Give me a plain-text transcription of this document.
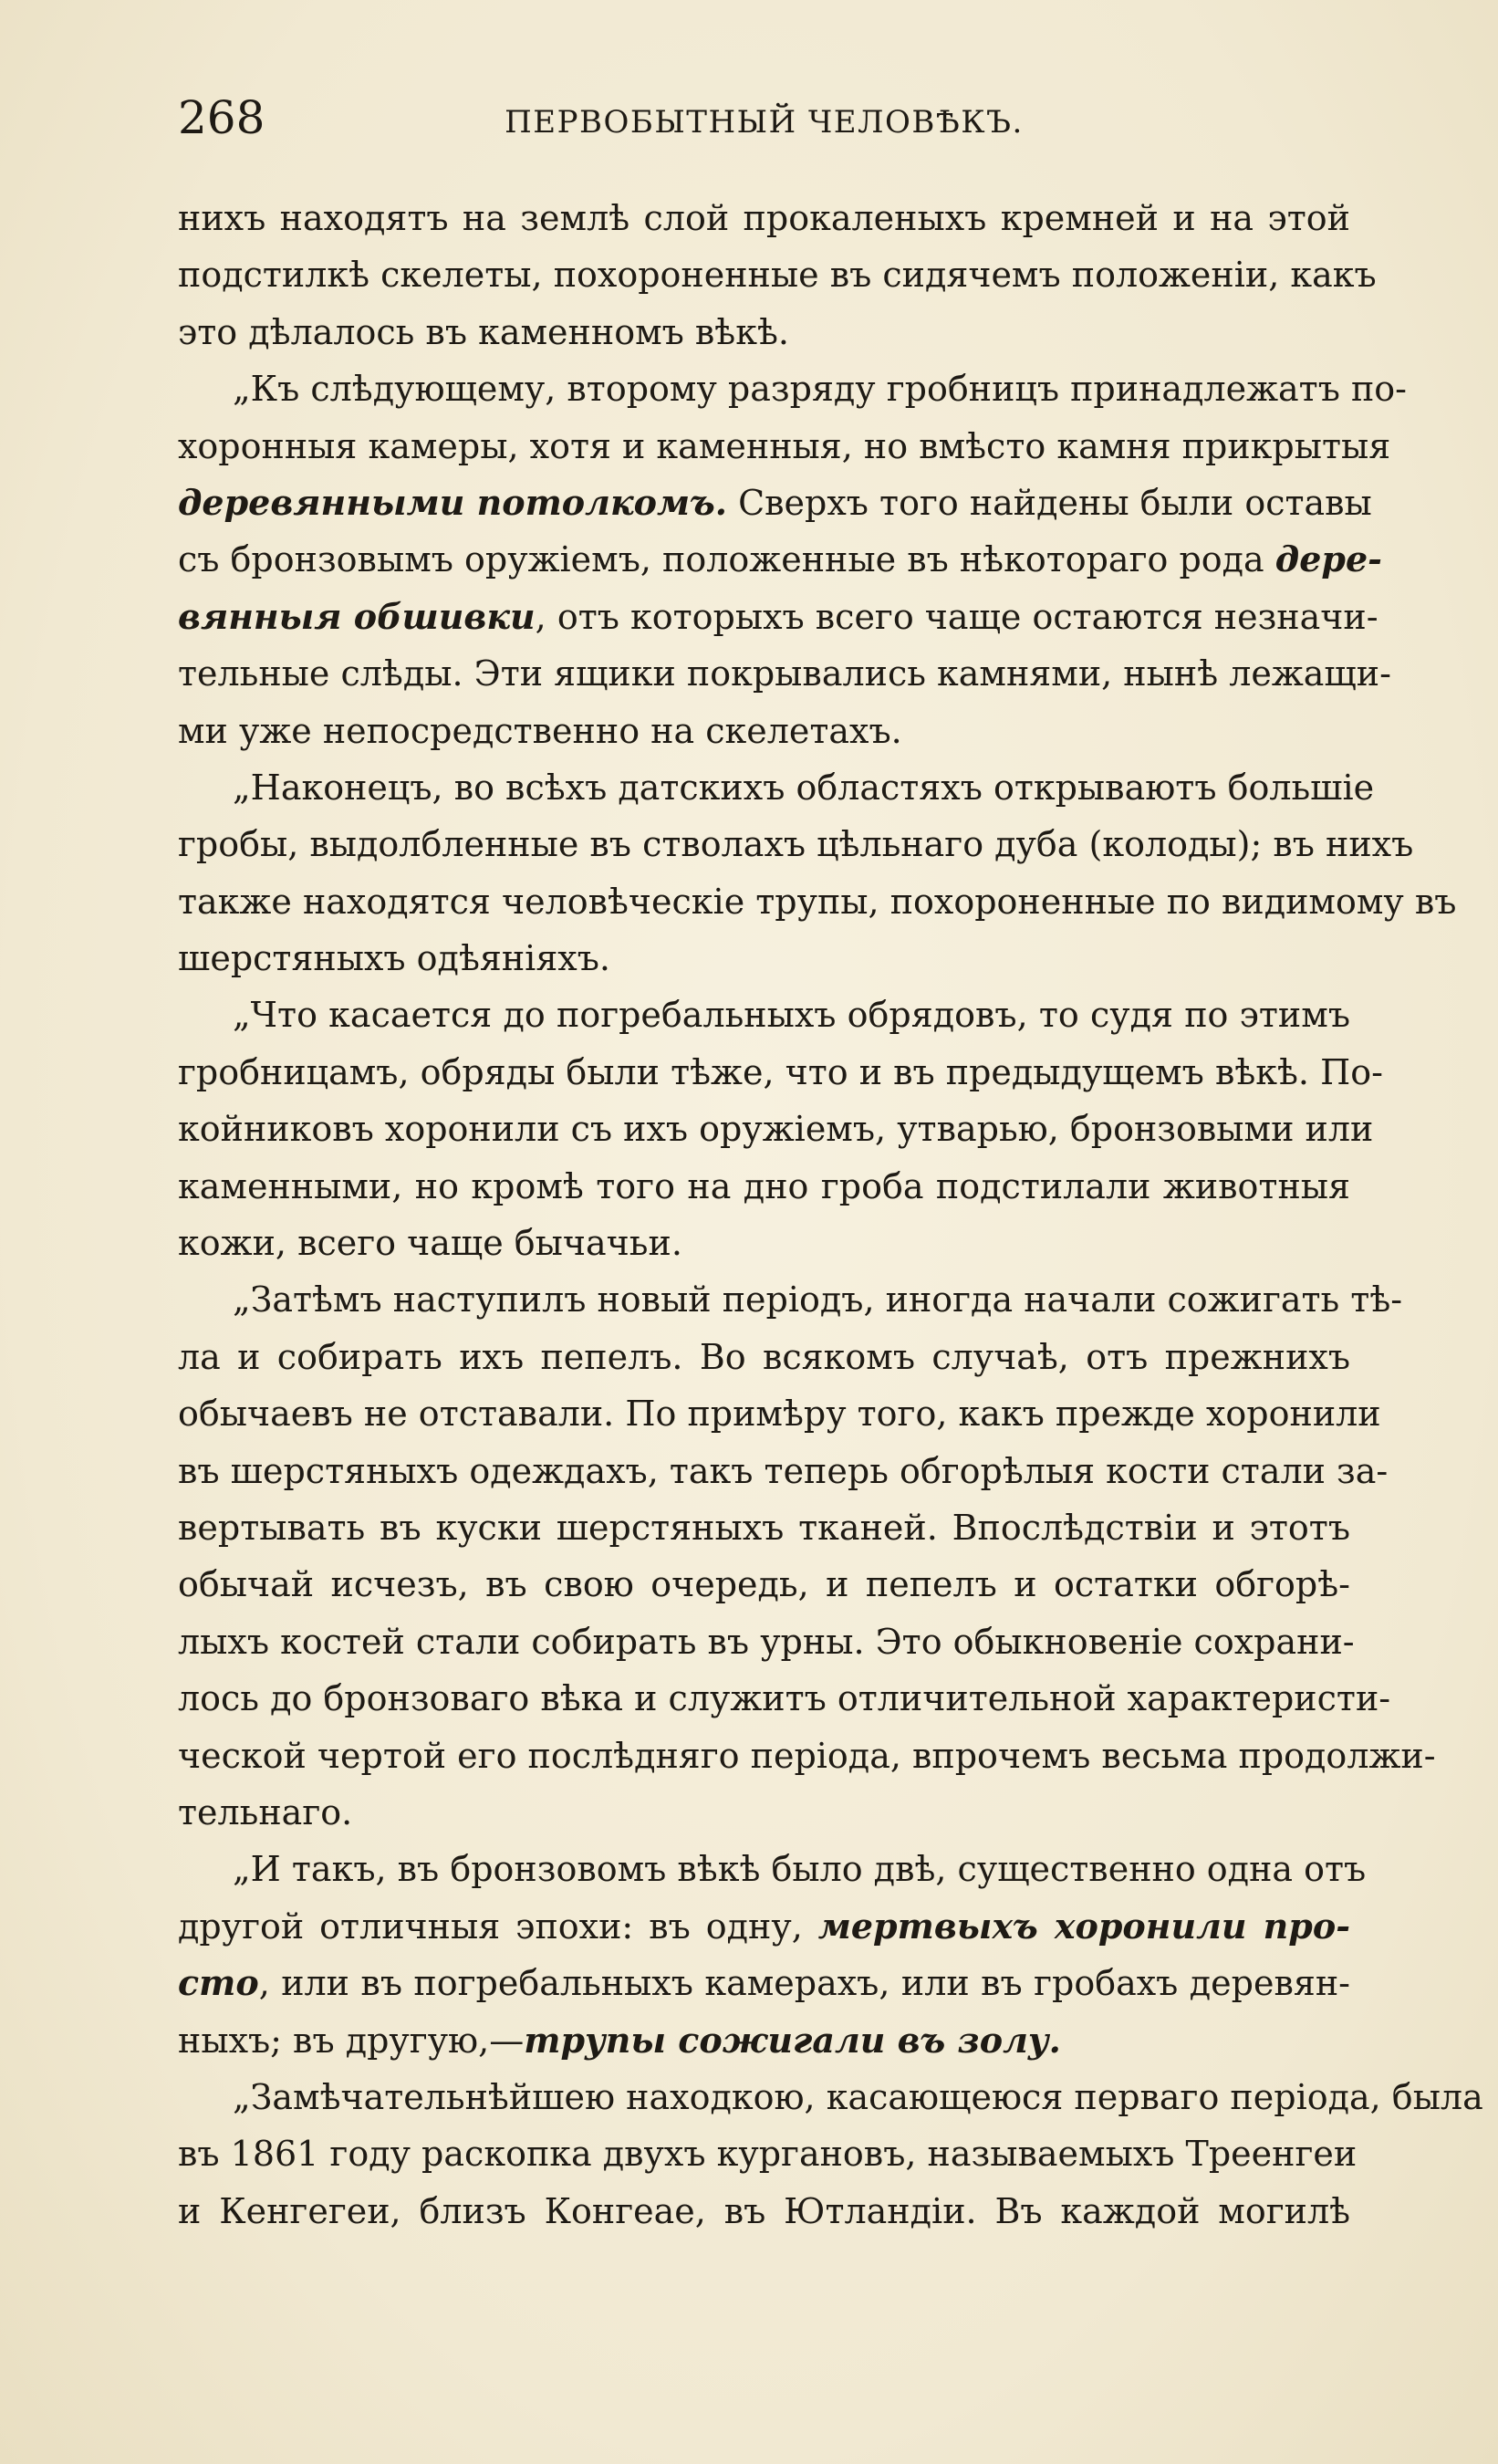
268	ПЕРВОБЫТНЫЙ ЧЕЛОВѢКЪ.
нихъ находятъ на землѣ слой прокаленыхъ кремней и на этой
подстилкѣ скелеты, похороненные въ сидячемъ положеніи, какъ
это дѣлалось въ каменномъ вѣкѣ.
„Къ слѣдующему, второму разряду гробницъ принадлежатъ по-
хоронныя камеры, хотя и каменныя, но вмѣсто камня прикрытыя
деревянными потолкомъ. Сверхъ того найдены были оставы
съ бронзовымъ оружіемъ, положенные въ нѣкотораго рода дере-
вянныя обшивки, отъ которыхъ всего чаще остаются незначи-
тельные слѣды. Эти ящики покрывались камнями, нынѣ лежащи-
ми уже непосредственно на скелетахъ.
„Наконецъ, во всѣхъ датскихъ областяхъ открываютъ большіе
гробы, выдолбленные въ стволахъ цѣльнаго дуба (колоды); въ нихъ
также находятся человѣческіе трупы, похороненные по видимому въ
шерстяныхъ одѣяніяхъ.
„Что касается до погребальныхъ обрядовъ, то судя по этимъ
гробницамъ, обряды были тѣже, что и въ предыдущемъ вѣкѣ. По-
койниковъ хоронили съ ихъ оружіемъ, утварью, бронзовыми или
каменными, но кромѣ того на дно гроба подстилали животныя
кожи, всего чаще бычачьи.
„Затѣмъ наступилъ новый періодъ, иногда начали сожигать тѣ-
ла и собирать ихъ пепелъ. Во всякомъ случаѣ, отъ прежнихъ
обычаевъ не отставали. По примѣру того, какъ прежде хоронили
въ шерстяныхъ одеждахъ, такъ теперь обгорѣлыя кости стали за-
вертывать въ куски шерстяныхъ тканей. Впослѣдствіи и этотъ
обычай исчезъ, въ свою очередь, и пепелъ и остатки обгорѣ-
лыхъ костей стали собирать въ урны. Это обыкновеніе сохрани-
лось до бронзоваго вѣка и служитъ отличительной характеристи-
ческой чертой его послѣдняго періода, впрочемъ весьма продолжи-
тельнаго.
„И такъ, въ бронзовомъ вѣкѣ было двѣ, существенно одна отъ
другой отличныя эпохи: въ одну, мертвыхъ хоронили про-
сто, или въ погребальныхъ камерахъ, или въ гробахъ деревян-
ныхъ; въ другую,—трупы сожигали въ золу.
„Замѣчательнѣйшею находкою, касающеюся перваго періода, была
въ 1861 году раскопка двухъ кургановъ, называемыхъ Треенгеи
и Кенгегеи, близъ Конгеае, въ Ютландіи. Въ каждой могилѣ
